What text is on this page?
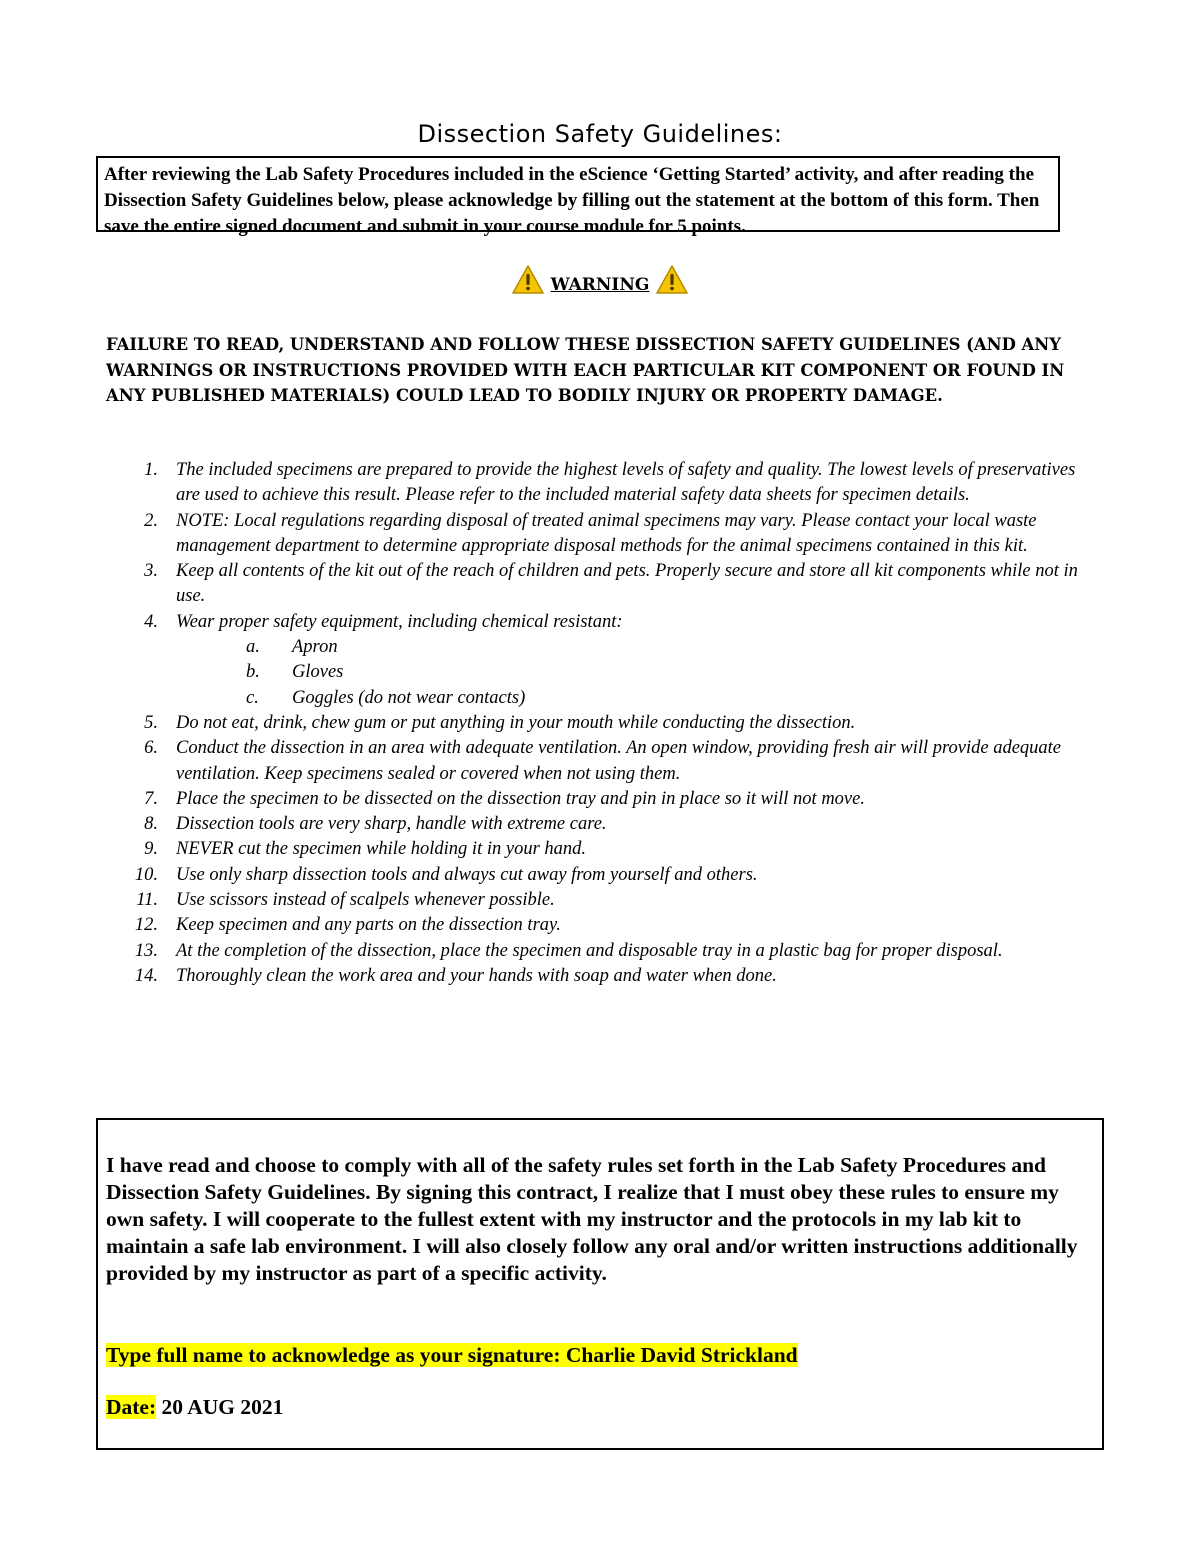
Dissection Safety Guidelines:
After reviewing the Lab Safety Procedures included in the eScience ‘Getting Started’ activity, and after reading the Dissection Safety Guidelines below, please acknowledge by filling out the statement at the bottom of this form. Then save the entire signed document and submit in your course module for 5 points.
WARNING
FAILURE TO READ, UNDERSTAND AND FOLLOW THESE DISSECTION SAFETY GUIDELINES (AND ANY WARNINGS OR INSTRUCTIONS PROVIDED WITH EACH PARTICULAR KIT COMPONENT OR FOUND IN ANY PUBLISHED MATERIALS) COULD LEAD TO BODILY INJURY OR PROPERTY DAMAGE.
1. The included specimens are prepared to provide the highest levels of safety and quality. The lowest levels of preservatives are used to achieve this result. Please refer to the included material safety data sheets for specimen details.
2. NOTE: Local regulations regarding disposal of treated animal specimens may vary. Please contact your local waste management department to determine appropriate disposal methods for the animal specimens contained in this kit.
3. Keep all contents of the kit out of the reach of children and pets. Properly secure and store all kit components while not in use.
4. Wear proper safety equipment, including chemical resistant:
a. Apron
b. Gloves
c. Goggles (do not wear contacts)
5. Do not eat, drink, chew gum or put anything in your mouth while conducting the dissection.
6. Conduct the dissection in an area with adequate ventilation. An open window, providing fresh air will provide adequate ventilation. Keep specimens sealed or covered when not using them.
7. Place the specimen to be dissected on the dissection tray and pin in place so it will not move.
8. Dissection tools are very sharp, handle with extreme care.
9. NEVER cut the specimen while holding it in your hand.
10. Use only sharp dissection tools and always cut away from yourself and others.
11. Use scissors instead of scalpels whenever possible.
12. Keep specimen and any parts on the dissection tray.
13. At the completion of the dissection, place the specimen and disposable tray in a plastic bag for proper disposal.
14. Thoroughly clean the work area and your hands with soap and water when done.
I have read and choose to comply with all of the safety rules set forth in the Lab Safety Procedures and Dissection Safety Guidelines. By signing this contract, I realize that I must obey these rules to ensure my own safety. I will cooperate to the fullest extent with my instructor and the protocols in my lab kit to maintain a safe lab environment. I will also closely follow any oral and/or written instructions additionally provided by my instructor as part of a specific activity.
Type full name to acknowledge as your signature: Charlie David Strickland
Date: 20 AUG 2021
